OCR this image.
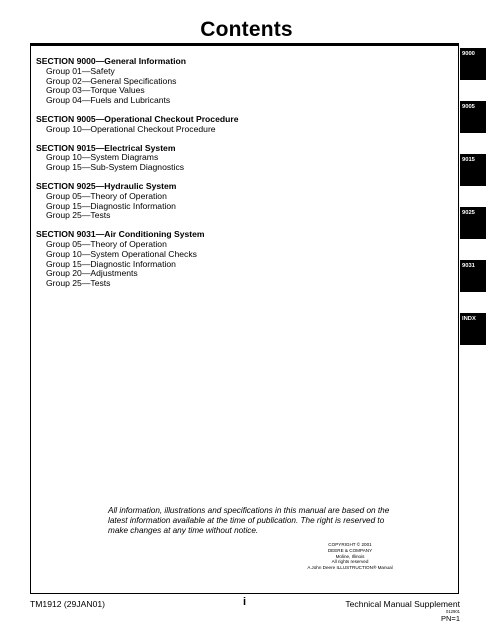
Contents
SECTION 9000—General Information
Group 01—Safety
Group 02—General Specifications
Group 03—Torque Values
Group 04—Fuels and Lubricants
SECTION 9005—Operational Checkout Procedure
Group 10—Operational Checkout Procedure
SECTION 9015—Electrical System
Group 10—System Diagrams
Group 15—Sub-System Diagnostics
SECTION 9025—Hydraulic System
Group 05—Theory of Operation
Group 15—Diagnostic Information
Group 25—Tests
SECTION 9031—Air Conditioning System
Group 05—Theory of Operation
Group 10—System Operational Checks
Group 15—Diagnostic Information
Group 20—Adjustments
Group 25—Tests
9000
9005
9015
9025
9031
INDX
All information, illustrations and specifications in this manual are based on the latest information available at the time of publication. The right is reserved to make changes at any time without notice.
COPYRIGHT © 2001
DEERE & COMPANY
Moline, Illinois
All rights reserved
A John Deere ILLUSTRUCTION® Manual
TM1912 (29JAN01)	i	Technical Manual Supplement
012901
PN=1
